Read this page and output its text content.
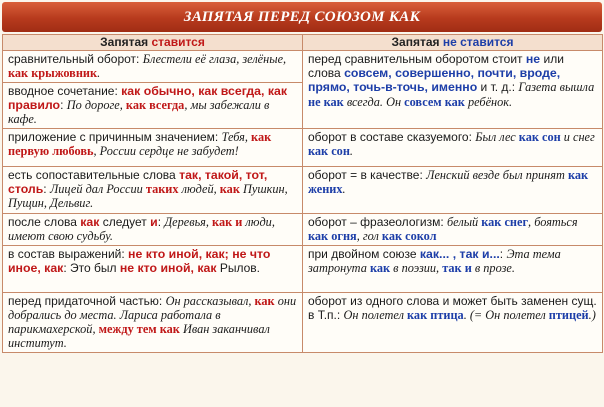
ЗАПЯТАЯ ПЕРЕД СОЮЗОМ КАК
Запятая ставится	Запятая не ставится
сравнительный оборот: Блестели её глаза, зелёные, как крыжовник.	перед сравнительным оборотом стоит не или слова совсем, совершенно, почти, вроде, прямо, точь-в-точь, именно и т. д.: Газета вышла не как всегда. Он совсем как ребёнок.
вводное сочетание: как обычно, как всегда, как правило: По дороге, как всегда, мы забежали в кафе.	
приложение с причинным значением: Тебя, как первую любовь, России сердце не забудет!	оборот в составе сказуемого: Был лес как сон и снег как сон.
есть сопоставительные слова так, такой, тот, столь: Лицей дал России таких людей, как Пушкин, Пущин, Дельвиг.	оборот = в качестве: Ленский везде был принят как жених.
после слова как следует и: Деревья, как и люди, имеют свою судьбу.	оборот – фразеологизм: белый как снег, бояться как огня, гол как сокол
в состав выражений: не кто иной, как; не что иное, как: Это был не кто иной, как Рылов.	при двойном союзе как... , так и...: Эта тема затронута как в поэзии, так и в прозе.
перед придаточной частью: Он рассказывал, как они добрались до места. Лариса работала в парикмахерской, между тем как Иван заканчивал институт.	оборот из одного слова и может быть заменен сущ. в Т.п.: Он полетел как птица. (= Он полетел птицей.)
